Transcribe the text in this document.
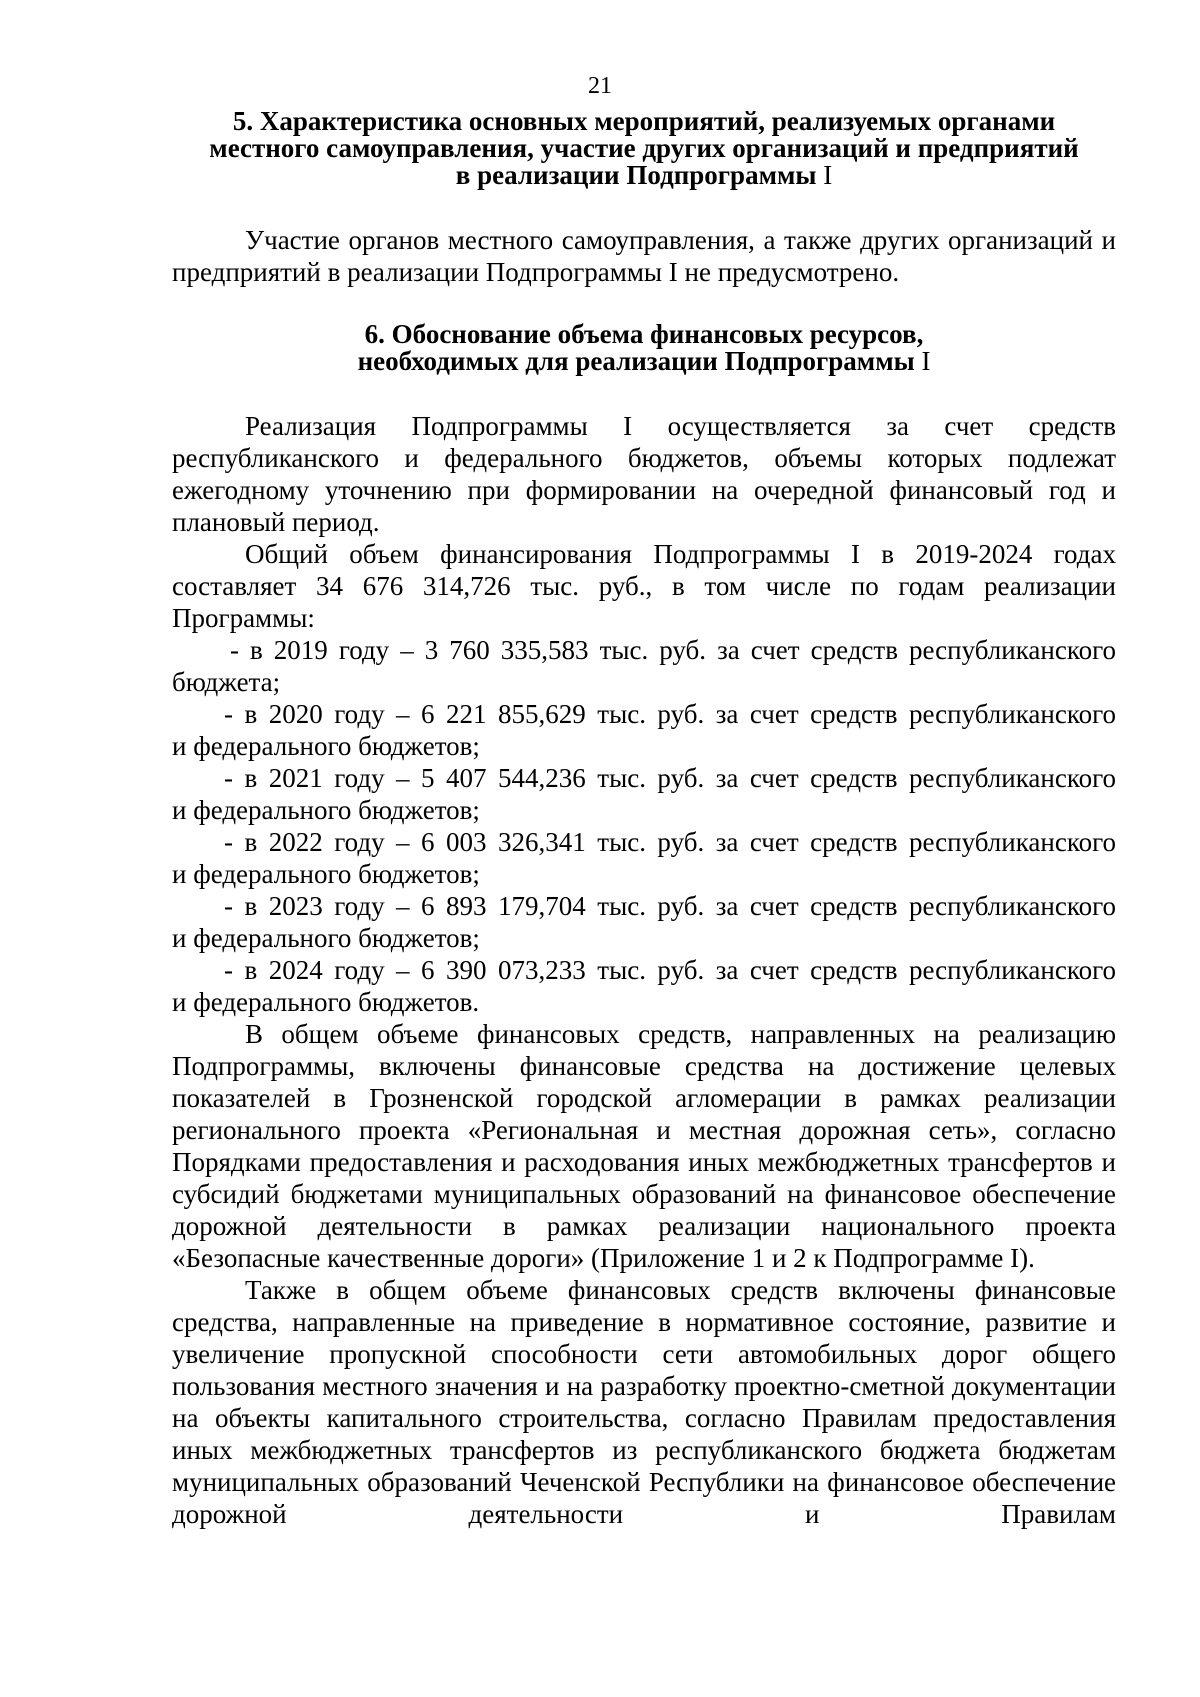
21
5. Характеристика основных мероприятий, реализуемых органами
местного самоуправления, участие других организаций и предприятий
в реализации Подпрограммы I

Участие органов местного самоуправления, а также других организаций и предприятий в реализации Подпрограммы I не предусмотрено.

6. Обоснование объема финансовых ресурсов,
необходимых для реализации Подпрограммы I

Реализация Подпрограммы I осуществляется за счет средств республиканского и федерального бюджетов, объемы которых подлежат ежегодному уточнению при формировании на очередной финансовый год и плановый период.

Общий объем финансирования Подпрограммы I в 2019-2024 годах составляет 34 676 314,726 тыс. руб., в том числе по годам реализации Программы:

- в 2019 году – 3 760 335,583 тыс. руб. за счет средств республиканского
бюджета;

- в 2020 году – 6 221 855,629 тыс. руб. за счет средств республиканского
и федерального бюджетов;

- в 2021 году – 5 407 544,236 тыс. руб. за счет средств республиканского
и федерального бюджетов;

- в 2022 году – 6 003 326,341 тыс. руб. за счет средств республиканского
и федерального бюджетов;

- в 2023 году – 6 893 179,704 тыс. руб. за счет средств республиканского
и федерального бюджетов;

- в 2024 году – 6 390 073,233 тыс. руб. за счет средств республиканского
и федерального бюджетов.

В общем объеме финансовых средств, направленных на реализацию Подпрограммы, включены финансовые средства на достижение целевых показателей в Грозненской городской агломерации в рамках реализации регионального проекта «Региональная и местная дорожная сеть», согласно Порядками предоставления и расходования иных межбюджетных трансфертов и субсидий бюджетами муниципальных образований на финансовое обеспечение дорожной деятельности в рамках реализации национального проекта «Безопасные качественные дороги» (Приложение 1 и 2 к Подпрограмме I).

Также в общем объеме финансовых средств включены финансовые средства, направленные на приведение в нормативное состояние, развитие и увеличение пропускной способности сети автомобильных дорог общего пользования местного значения и на разработку проектно-сметной документации на объекты капитального строительства, согласно Правилам предоставления иных межбюджетных трансфертов из республиканского бюджета бюджетам муниципальных образований Чеченской Республики на финансовое обеспечение дорожной деятельности и Правилам
